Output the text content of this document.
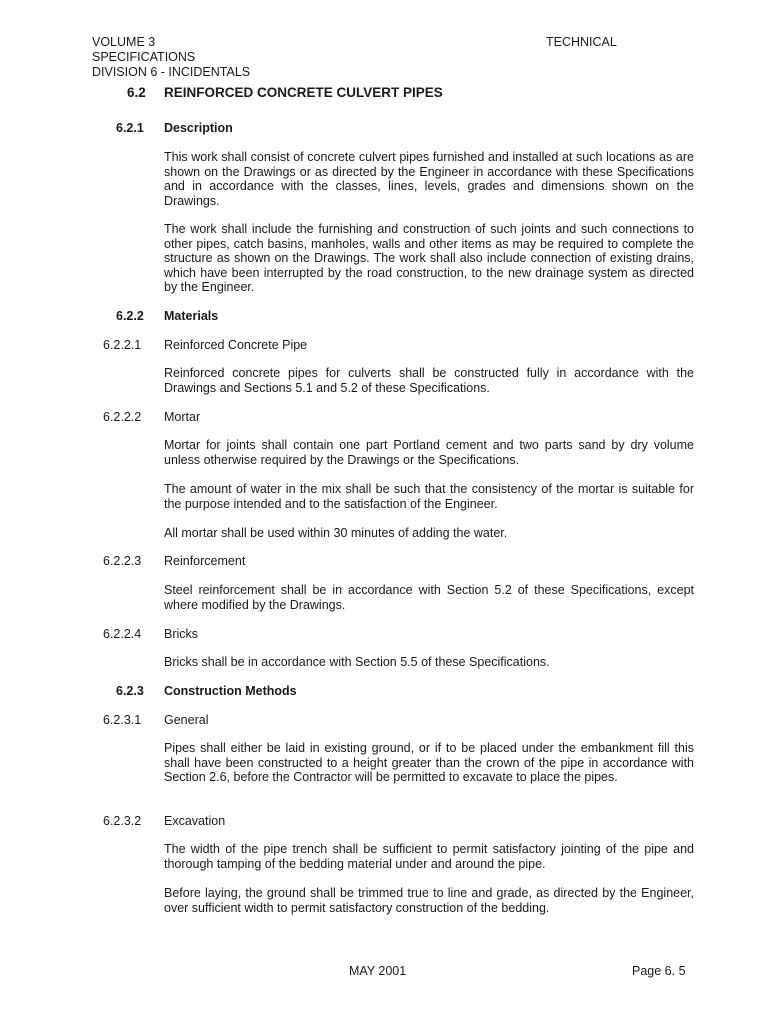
VOLUME 3
SPECIFICATIONS
DIVISION 6 - INCIDENTALS
TECHNICAL
6.2 REINFORCED CONCRETE CULVERT PIPES
6.2.1 Description
This work shall consist of concrete culvert pipes furnished and installed at such locations as are shown on the Drawings or as directed by the Engineer in accordance with these Specifications and in accordance with the classes, lines, levels, grades and dimensions shown on the Drawings.
The work shall include the furnishing and construction of such joints and such connections to other pipes, catch basins, manholes, walls and other items as may be required to complete the structure as shown on the Drawings. The work shall also include connection of existing drains, which have been interrupted by the road construction, to the new drainage system as directed by the Engineer.
6.2.2 Materials
6.2.2.1 Reinforced Concrete Pipe
Reinforced concrete pipes for culverts shall be constructed fully in accordance with the Drawings and Sections 5.1 and 5.2 of these Specifications.
6.2.2.2 Mortar
Mortar for joints shall contain one part Portland cement and two parts sand by dry volume unless otherwise required by the Drawings or the Specifications.
The amount of water in the mix shall be such that the consistency of the mortar is suitable for the purpose intended and to the satisfaction of the Engineer.
All mortar shall be used within 30 minutes of adding the water.
6.2.2.3 Reinforcement
Steel reinforcement shall be in accordance with Section 5.2 of these Specifications, except where modified by the Drawings.
6.2.2.4 Bricks
Bricks shall be in accordance with Section 5.5 of these Specifications.
6.2.3 Construction Methods
6.2.3.1 General
Pipes shall either be laid in existing ground, or if to be placed under the embankment fill this shall have been constructed to a height greater than the crown of the pipe in accordance with Section 2.6, before the Contractor will be permitted to excavate to place the pipes.
6.2.3.2 Excavation
The width of the pipe trench shall be sufficient to permit satisfactory jointing of the pipe and thorough tamping of the bedding material under and around the pipe.
Before laying, the ground shall be trimmed true to line and grade, as directed by the Engineer, over sufficient width to permit satisfactory construction of the bedding.
MAY 2001	Page 6. 5
